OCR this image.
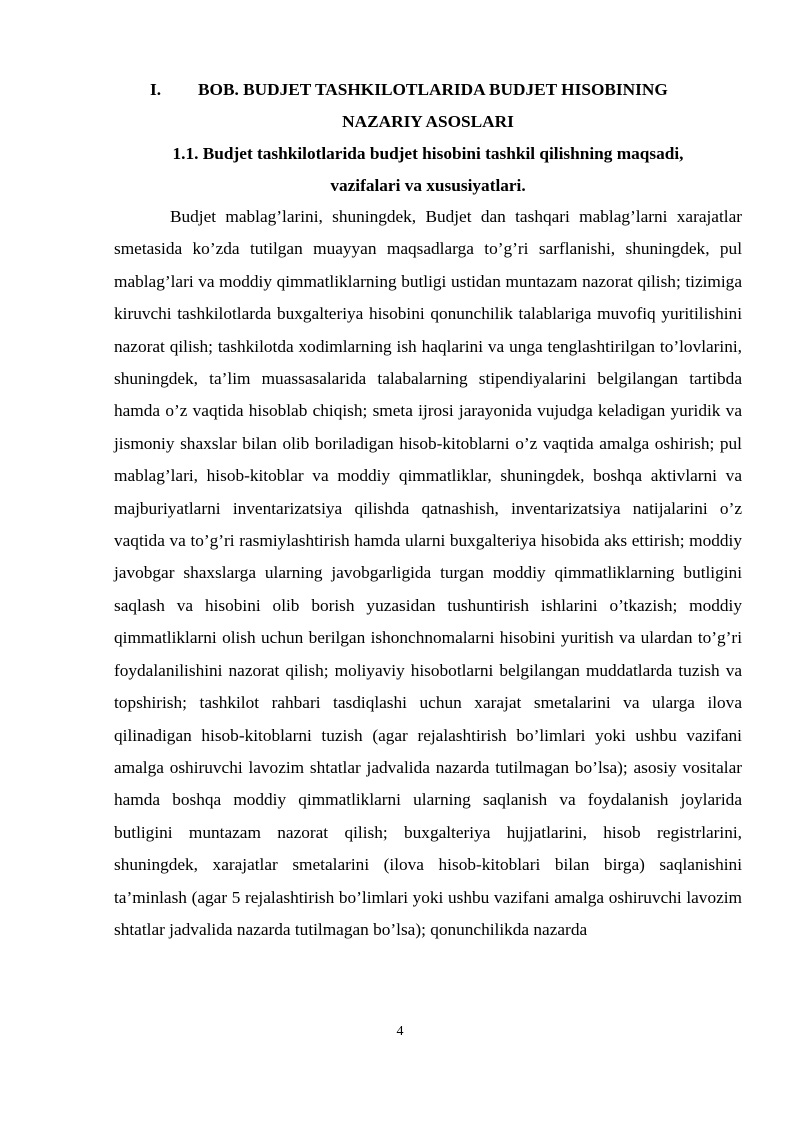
I. BOB. BUDJET TASHKILOTLARIDA BUDJET HISOBINING
NAZARIY ASOSLARI
1.1. Budjet tashkilotlarida budjet hisobini tashkil qilishning maqsadi,
vazifalari va xususiyatlari.

Budjet mablag’larini, shuningdek, Budjet dan tashqari mablag’larni xarajatlar smetasida ko’zda tutilgan muayyan maqsadlarga to’g’ri sarflanishi, shuningdek, pul mablag’lari va moddiy qimmatliklarning butligi ustidan muntazam nazorat qilish; tizimiga kiruvchi tashkilotlarda buxgalteriya hisobini qonunchilik talablariga muvofiq yuritilishini nazorat qilish; tashkilotda xodimlarning ish haqlarini va unga tenglashtirilgan to’lovlarini, shuningdek, ta’lim muassasalarida talabalarning stipendiyalarini belgilangan tartibda hamda o’z vaqtida hisoblab chiqish; smeta ijrosi jarayonida vujudga keladigan yuridik va jismoniy shaxslar bilan olib boriladigan hisob-kitoblarni o’z vaqtida amalga oshirish; pul mablag’lari, hisob-kitoblar va moddiy qimmatliklar, shuningdek, boshqa aktivlarni va majburiyatlarni inventarizatsiya qilishda qatnashish, inventarizatsiya natijalarini o’z vaqtida va to’g’ri rasmiylashtirish hamda ularni buxgalteriya hisobida aks ettirish; moddiy javobgar shaxslarga ularning javobgarligida turgan moddiy qimmatliklarning butligini saqlash va hisobini olib borish yuzasidan tushuntirish ishlarini o’tkazish; moddiy qimmatliklarni olish uchun berilgan ishonchnomalarni hisobini yuritish va ulardan to’g’ri foydalanilishini nazorat qilish; moliyaviy hisobotlarni belgilangan muddatlarda tuzish va topshirish; tashkilot rahbari tasdiqlashi uchun xarajat smetalarini va ularga ilova qilinadigan hisob-kitoblarni tuzish (agar rejalashtirish bo’limlari yoki ushbu vazifani amalga oshiruvchi lavozim shtatlar jadvalida nazarda tutilmagan bo’lsa); asosiy vositalar hamda boshqa moddiy qimmatliklarni ularning saqlanish va foydalanish joylarida butligini muntazam nazorat qilish; buxgalteriya hujjatlarini, hisob registrlarini, shuningdek, xarajatlar smetalarini (ilova hisob-kitoblari bilan birga) saqlanishini ta’minlash (agar 5 rejalashtirish bo’limlari yoki ushbu vazifani amalga oshiruvchi lavozim shtatlar jadvalida nazarda tutilmagan bo’lsa); qonunchilikda nazarda

4
